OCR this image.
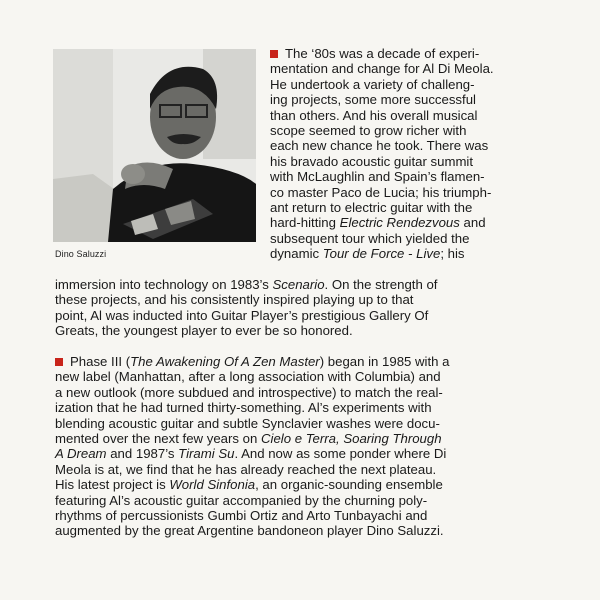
Dino Saluzzi
The ‘80s was a decade of experi-
mentation and change for Al Di Meola.
He undertook a variety of challeng-
ing projects, some more successful
than others. And his overall musical
scope seemed to grow richer with
each new chance he took. There was
his bravado acoustic guitar summit
with McLaughlin and Spain’s flamen-
co master Paco de Lucia; his triumph-
ant return to electric guitar with the
hard-hitting Electric Rendezvous and
subsequent tour which yielded the
dynamic Tour de Force - Live; his
immersion into technology on 1983’s Scenario. On the strength of
these projects, and his consistently inspired playing up to that
point, Al was inducted into Guitar Player’s prestigious Gallery Of
Greats, the youngest player to ever be so honored.
Phase III (The Awakening Of A Zen Master) began in 1985 with a
new label (Manhattan, after a long association with Columbia) and
a new outlook (more subdued and introspective) to match the real-
ization that he had turned thirty-something. Al’s experiments with
blending acoustic guitar and subtle Synclavier washes were docu-
mented over the next few years on Cielo e Terra, Soaring Through
A Dream and 1987’s Tirami Su. And now as some ponder where Di
Meola is at, we find that he has already reached the next plateau.
His latest project is World Sinfonia, an organic-sounding ensemble
featuring Al’s acoustic guitar accompanied by the churning poly-
rhythms of percussionists Gumbi Ortiz and Arto Tunbayachi and
augmented by the great Argentine bandoneon player Dino Saluzzi.
